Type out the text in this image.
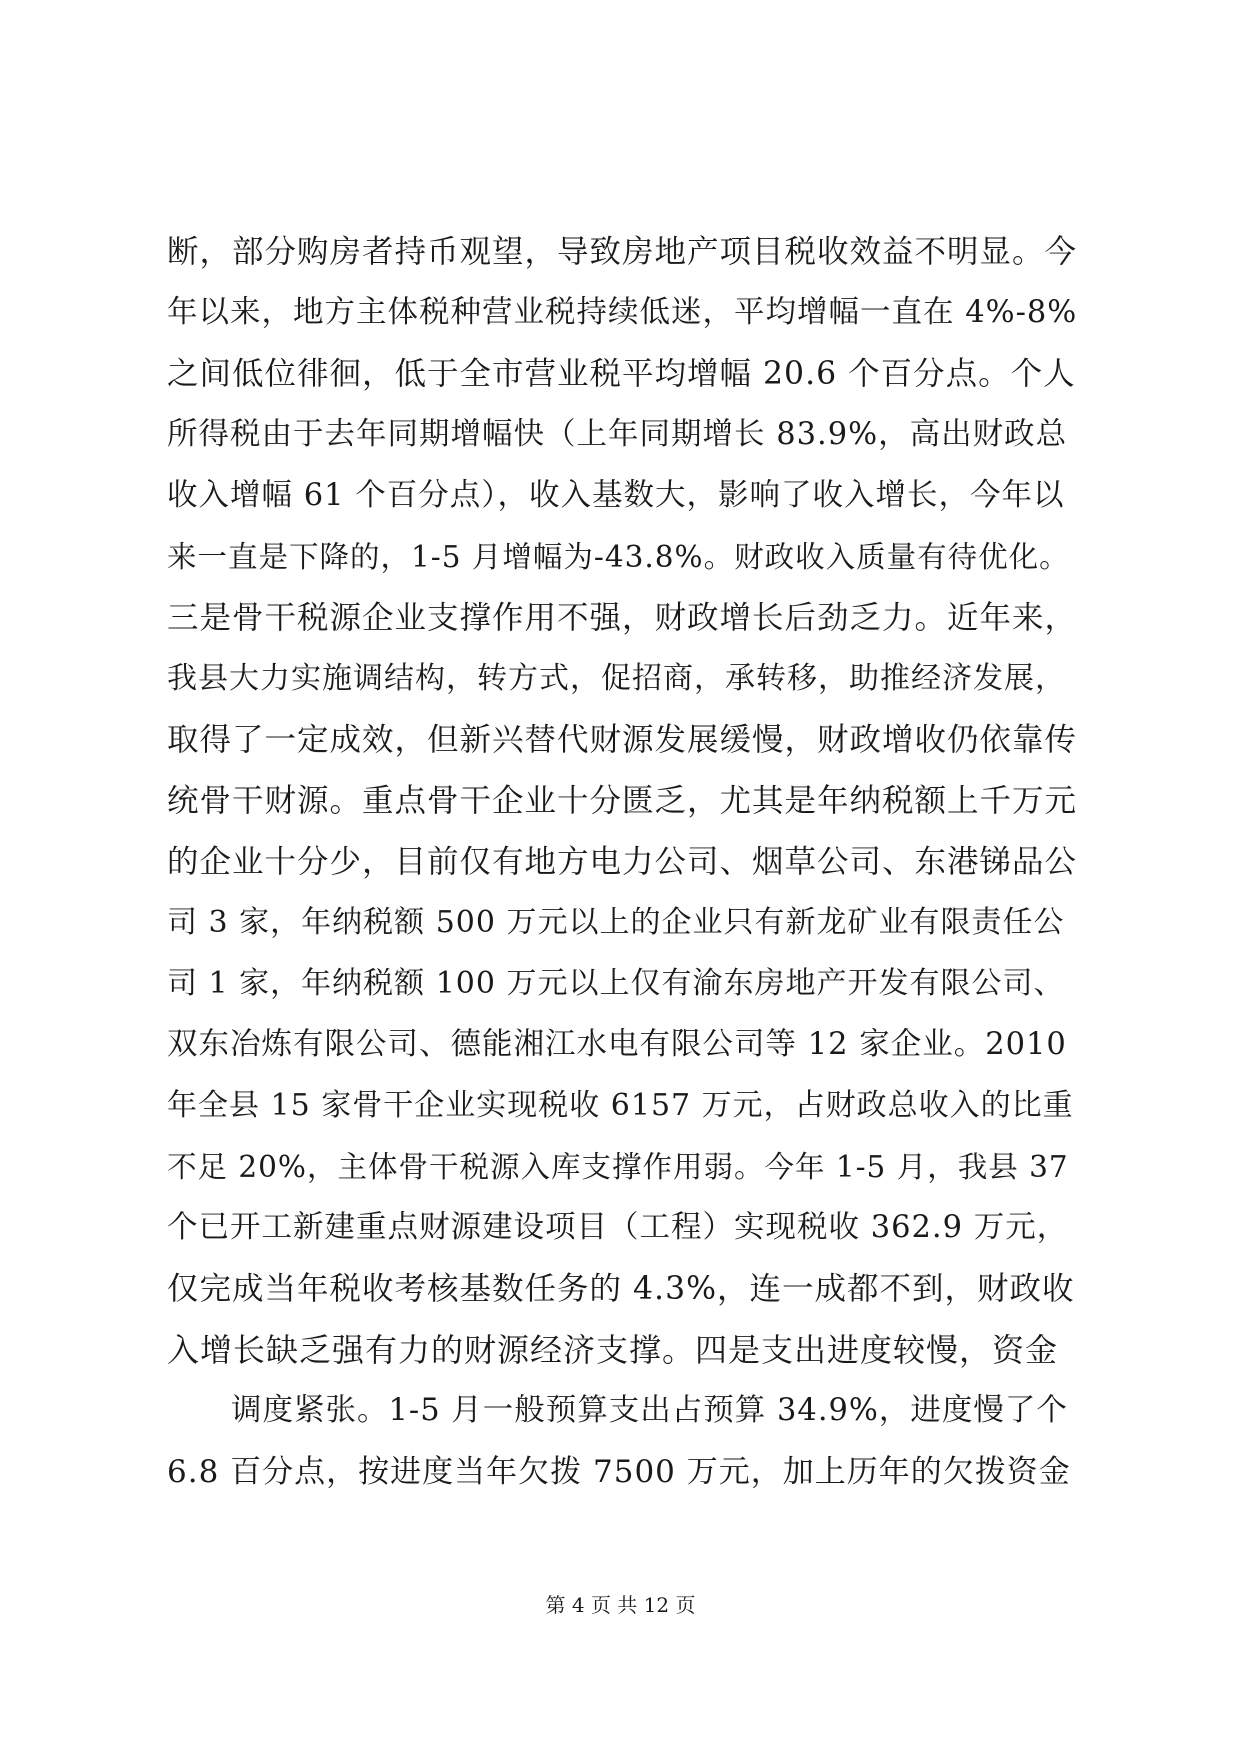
断，部分购房者持币观望，导致房地产项目税收效益不明显。今
年以来，地方主体税种营业税持续低迷，平均增幅一直在 4%-8%
之间低位徘徊，低于全市营业税平均增幅 20.6 个百分点。个人
所得税由于去年同期增幅快（上年同期增长 83.9%，高出财政总
收入增幅 61 个百分点），收入基数大，影响了收入增长，今年以
来一直是下降的，1-5 月增幅为-43.8%。财政收入质量有待优化。
三是骨干税源企业支撑作用不强，财政增长后劲乏力。近年来，
我县大力实施调结构，转方式，促招商，承转移，助推经济发展，
取得了一定成效，但新兴替代财源发展缓慢，财政增收仍依靠传
统骨干财源。重点骨干企业十分匮乏，尤其是年纳税额上千万元
的企业十分少，目前仅有地方电力公司、烟草公司、东港锑品公
司 3 家，年纳税额 500 万元以上的企业只有新龙矿业有限责任公
司 1 家，年纳税额 100 万元以上仅有渝东房地产开发有限公司、
双东冶炼有限公司、德能湘江水电有限公司等 12 家企业。2010
年全县 15 家骨干企业实现税收 6157 万元，占财政总收入的比重
不足 20%，主体骨干税源入库支撑作用弱。今年 1-5 月，我县 37
个已开工新建重点财源建设项目（工程）实现税收 362.9 万元，
仅完成当年税收考核基数任务的 4.3%，连一成都不到，财政收
入增长缺乏强有力的财源经济支撑。四是支出进度较慢，资金
调度紧张。1-5 月一般预算支出占预算 34.9%，进度慢了个
6.8 百分点，按进度当年欠拨 7500 万元，加上历年的欠拨资金
第 4 页 共 12 页
